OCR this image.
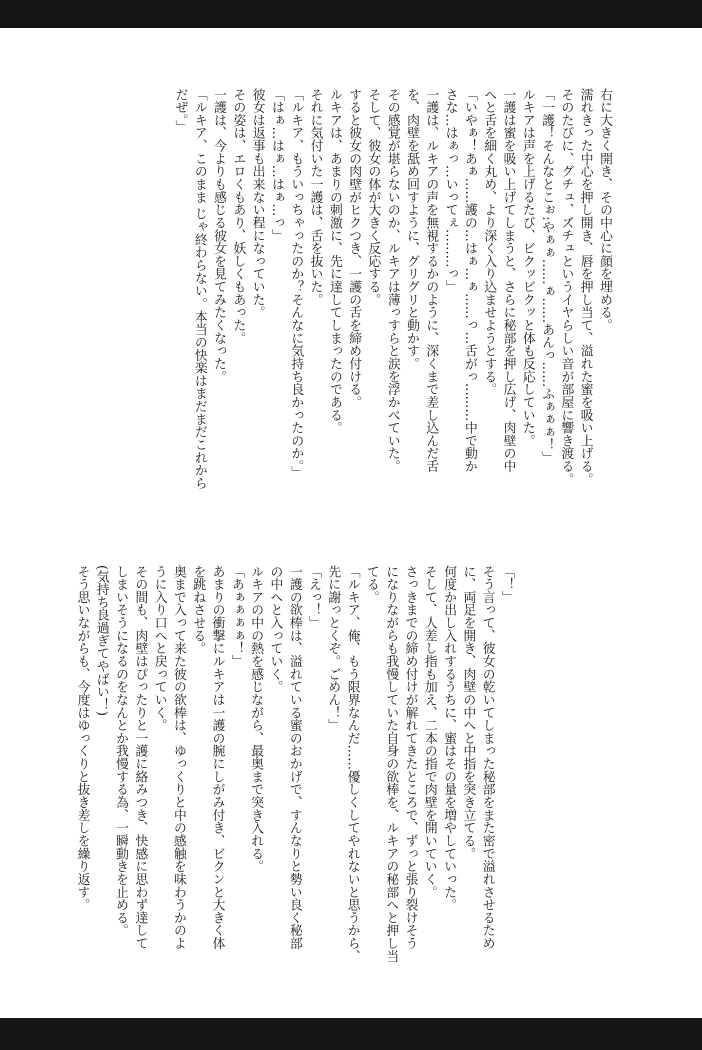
右に大きく開き、その中心に顔を埋める。

濡れきった中心を押し開き、唇を押し当て、溢れた蜜を吸い上げる。

そのたびに、グチュ、ズチュというイヤらしい音が部屋に響き渡る。

「一護！そんなとこぉ:やぁぁ……ぁ……あんっ……ふぁぁぁ！」

ルキアは声を上げるたび、ビクッビクッと体も反応していた。

一護は蜜を吸い上げてしまうと、さらに秘部を押し広げ、肉壁の中

へと舌を細く丸め、より深く入り込ませようとする。

「いやぁ！あぁ……護の…はぁ…ぁ……っ…舌がっ………中で動か

さな…はぁっ…いってぇ………っ」

一護は、ルキアの声を無視するかのように、深くまで差し込んだ舌

を、肉壁を舐め回すように、グリグリと動かす。

その感覚が堪らないのか、ルキアは薄っすらと涙を浮かべていた。

そして、彼女の体が大きく反応する。

すると彼女の肉壁がヒクつき、一護の舌を締め付ける。

ルキアは、あまりの刺激に、先に達してしまったのである。

それに気付いた一護は、舌を抜いた。

「ルキア、もういっちゃったのか？そんなに気持ち良かったのか。」

「はぁ…はぁ…はぁ…っ」

彼女は返事も出来ない程になっていた。

その姿は、エロくもあり、妖しくもあった。

一護は、今よりも感じる彼女を見てみたくなった。

「ルキア、このまま じゃ終わらない。本当の快楽はまだまだこれから

だぜ。」

「！」

そう言って、彼女の乾いてしまった秘部をまた密で溢れさせるため

に、両足を開き、肉壁の中へと中指を突き立てる。

何度か出し入れするうちに、蜜はその量を増やしていった。

そして、人差し指も加え、二本の指で肉壁を開いていく。

さっきまでの締め付けが解れてきたところで、ずっと張り裂けそう

になりながらも我慢していた自身の欲棒を、ルキアの秘部へと押し当

てる。

「ルキア、俺、もう限界なんだ……優しくしてやれないと思うから、

先に謝っとくぞ。ごめん！」

「えっ！」

一護の欲棒は、溢れている蜜のおかげで、すんなりと勢い良く秘部

の中へと入っていく。

ルキアの中の熱を感じながら、最奥まで突き入れる。

「あぁぁぁぁ！」

あまりの衝撃にルキアは一護の腕にしがみ付き、ビクンと大きく体

を跳ねさせる。

奥まで入って来た彼の欲棒は、ゆっくりと中の感触を味わうかのよ

うに入り口へと戻っていく。

その間も、肉壁はぴったりと一護に絡みつき、快感に思わず達して

しまいそうになるのをなんとか我慢する為、一瞬動きを止める。

(気持ち良過ぎてやばい！)

そう思いながらも、今度はゆっくりと抜き差しを繰り返す。
